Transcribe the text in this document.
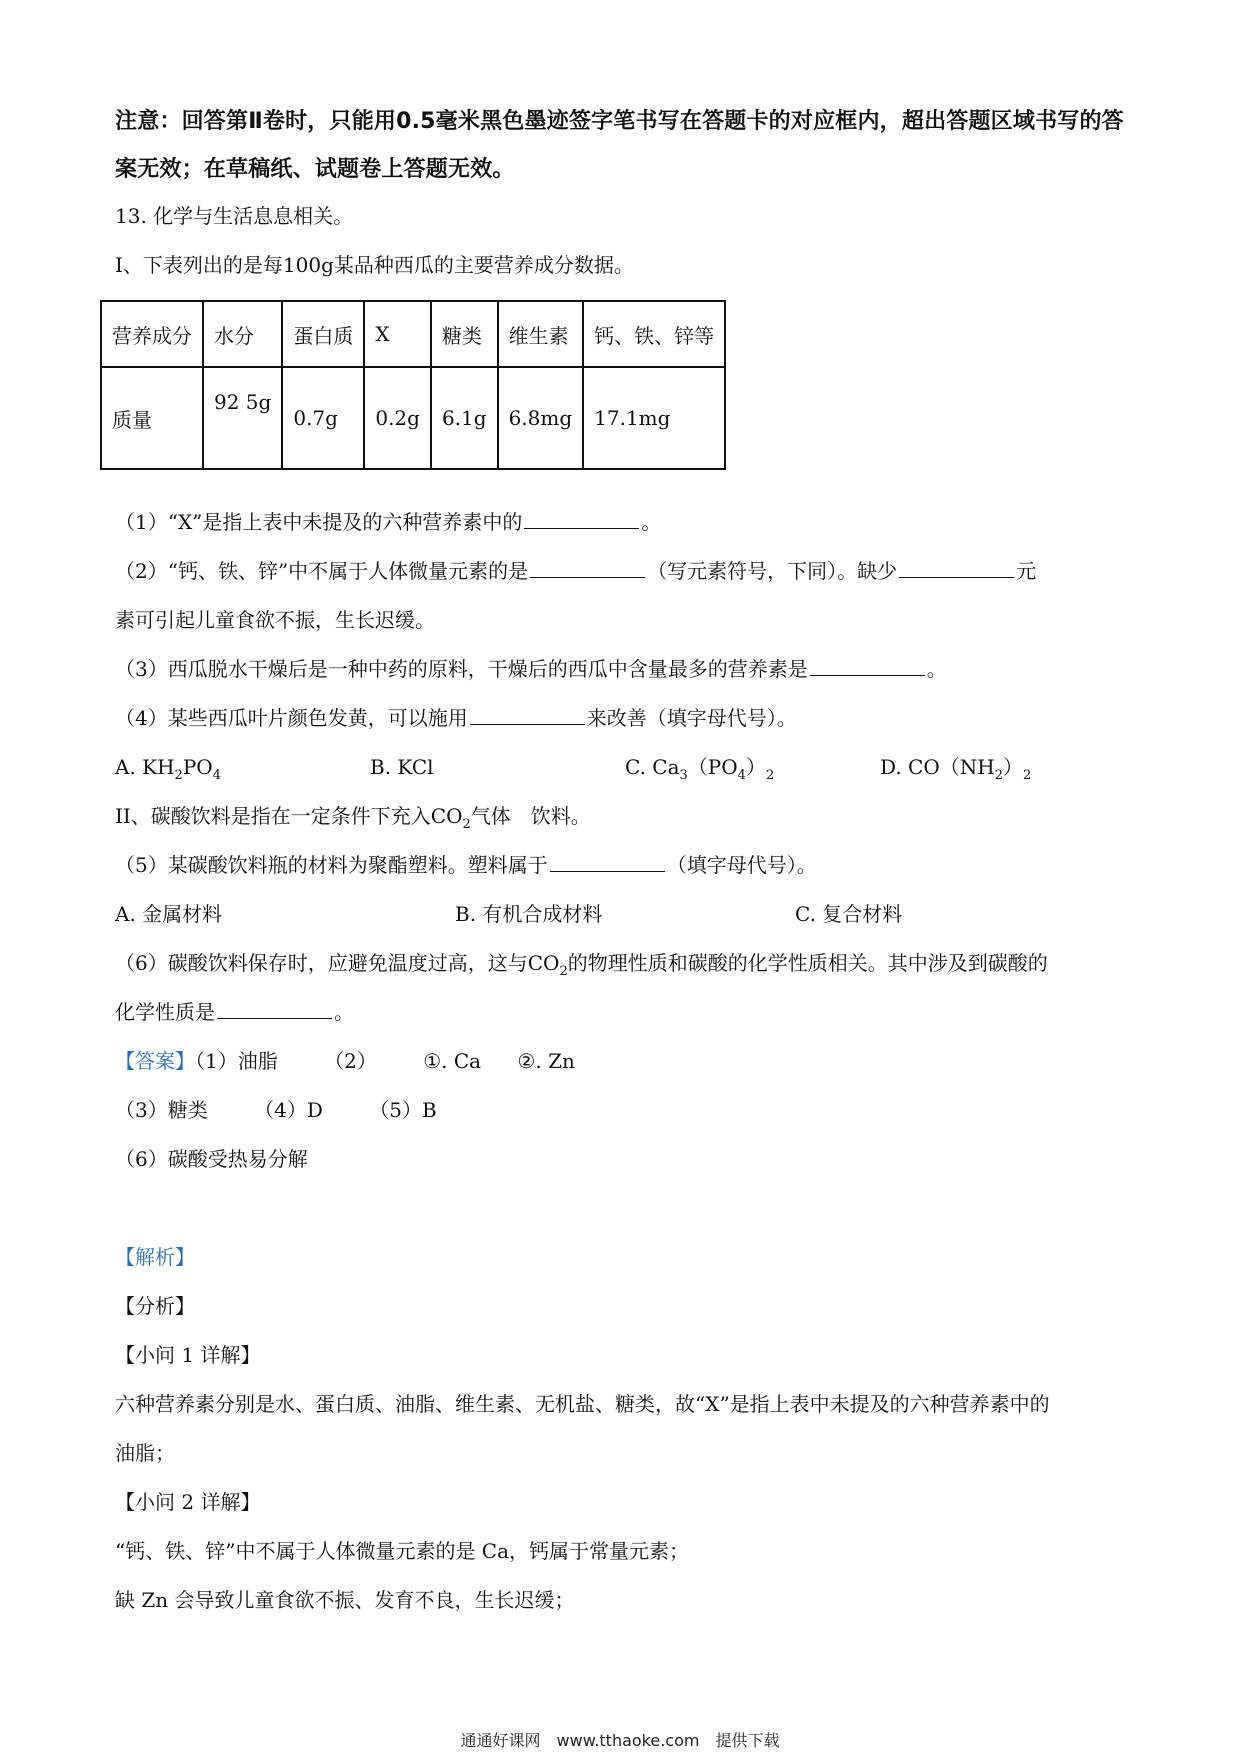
注意：回答第Ⅱ卷时，只能用0.5毫米黑色墨迹签字笔书写在答题卡的对应框内，超出答题区域书写的答案无效；在草稿纸、试题卷上答题无效。

13. 化学与生活息息相关。

I、下表列出的是每100g某品种西瓜的主要营养成分数据。

营养成分	水分	蛋白质	X	糖类	维生素	钙、铁、锌等
质量	92 5g	0.7g	0.2g	6.1g	6.8mg	17.1mg

（1）“X”是指上表中未提及的六种营养素中的	。

（2）“钙、铁、锌”中不属于人体微量元素的是	（写元素符号，下同）。缺少	元

素可引起儿童食欲不振，生长迟缓。

（3）西瓜脱水干燥后是一种中药的原料，干燥后的西瓜中含量最多的营养素是	。

（4）某些西瓜叶片颜色发黄，可以施用	来改善（填字母代号）。

A. $KH_2PO_4$	B. KCl	C. $Ca_3(PO_4)_2$	D. $CO(NH_2)_2$

II、碳酸饮料是指在一定条件下充入$CO_2$气体　饮料。

（5）某碳酸饮料瓶的材料为聚酯塑料。塑料属于	（填字母代号）。

A. 金属材料	B. 有机合成材料	C. 复合材料

（6）碳酸饮料保存时，应避免温度过高，这与$CO_2$的物理性质和碳酸的化学性质相关。其中涉及到碳酸的

化学性质是	。

【答案】（1）油脂 （2） ①. Ca ②. Zn

（3）糖类 （4）D （5）B

（6）碳酸受热易分解

【解析】

【分析】

【小问 1 详解】

六种营养素分别是水、蛋白质、油脂、维生素、无机盐、糖类，故“X”是指上表中未提及的六种营养素中的

油脂；

【小问 2 详解】

“钙、铁、锌”中不属于人体微量元素的是 Ca，钙属于常量元素；

缺 Zn 会导致儿童食欲不振、发育不良，生长迟缓；

通通好课网　www.tthaoke.com　提供下载
